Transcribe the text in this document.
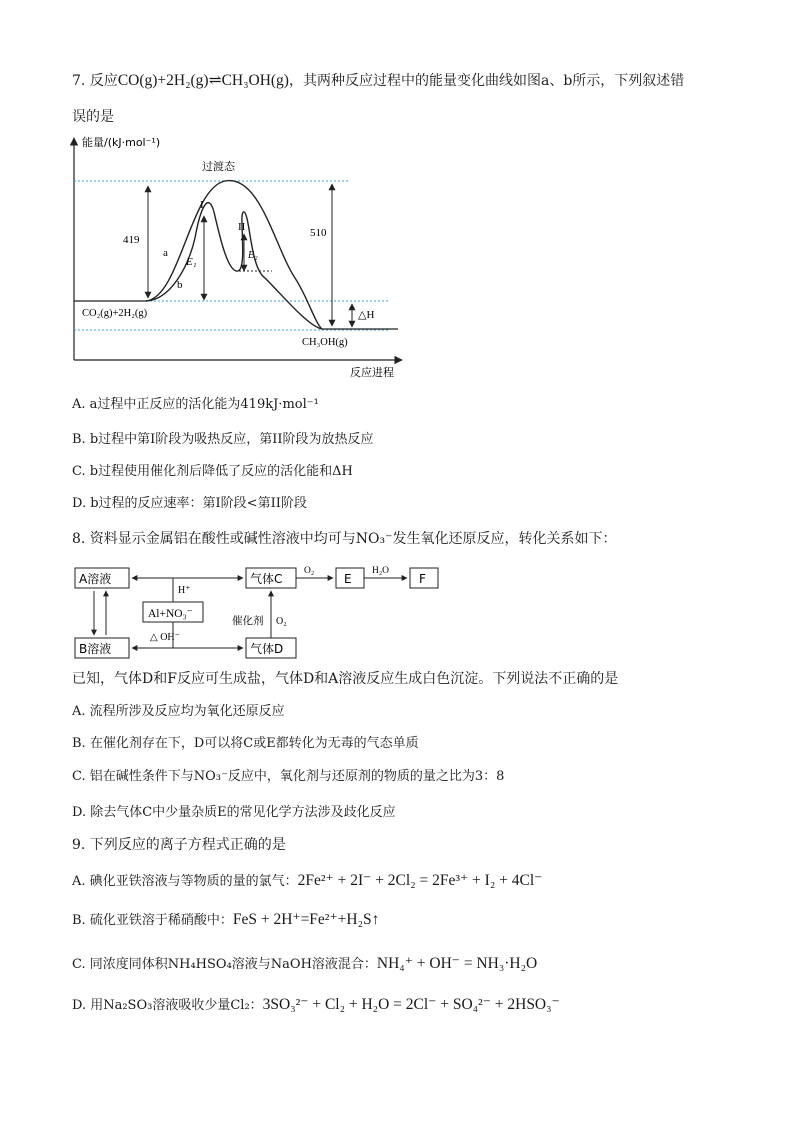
7. 反应CO(g)+2H₂(g)⇌CH₃OH(g)，其两种反应过程中的能量变化曲线如图a、b所示，下列叙述错
误的是
能量/(kJ·mol⁻¹)
反应进程
过渡态
I
II
a
b
E₁
E₂
419
510
△H
CO₂(g)+2H₂(g)
CH₃OH(g)
A. a过程中正反应的活化能为419kJ·mol⁻¹
B. b过程中第I阶段为吸热反应，第II阶段为放热反应
C. b过程使用催化剂后降低了反应的活化能和ΔH
D. b过程的反应速率：第I阶段<第II阶段
8. 资料显示金属铝在酸性或碱性溶液中均可与NO₃⁻发生氧化还原反应，转化关系如下：
A溶液
B溶液
气体C
气体D
E	F
Al+NO₃⁻
H⁺
△ OH⁻
催化剂 O₂
O₂	H₂O
已知，气体D和F反应可生成盐，气体D和A溶液反应生成白色沉淀。下列说法不正确的是
A. 流程所涉及反应均为氧化还原反应
B. 在催化剂存在下，D可以将C或E都转化为无毒的气态单质
C. 铝在碱性条件下与NO₃⁻反应中，氧化剂与还原剂的物质的量之比为3：8
D. 除去气体C中少量杂质E的常见化学方法涉及歧化反应
9. 下列反应的离子方程式正确的是
A. 碘化亚铁溶液与等物质的量的氯气：2Fe²⁺ + 2I⁻ + 2Cl₂ = 2Fe³⁺ + I₂ + 4Cl⁻
B. 硫化亚铁溶于稀硝酸中：FeS + 2H⁺=Fe²⁺+H₂S↑
C. 同浓度同体积NH₄HSO₄溶液与NaOH溶液混合：NH₄⁺ + OH⁻ = NH₃·H₂O
D. 用Na₂SO₃溶液吸收少量Cl₂：3SO₃²⁻ + Cl₂ + H₂O = 2Cl⁻ + SO₄²⁻ + 2HSO₃⁻
